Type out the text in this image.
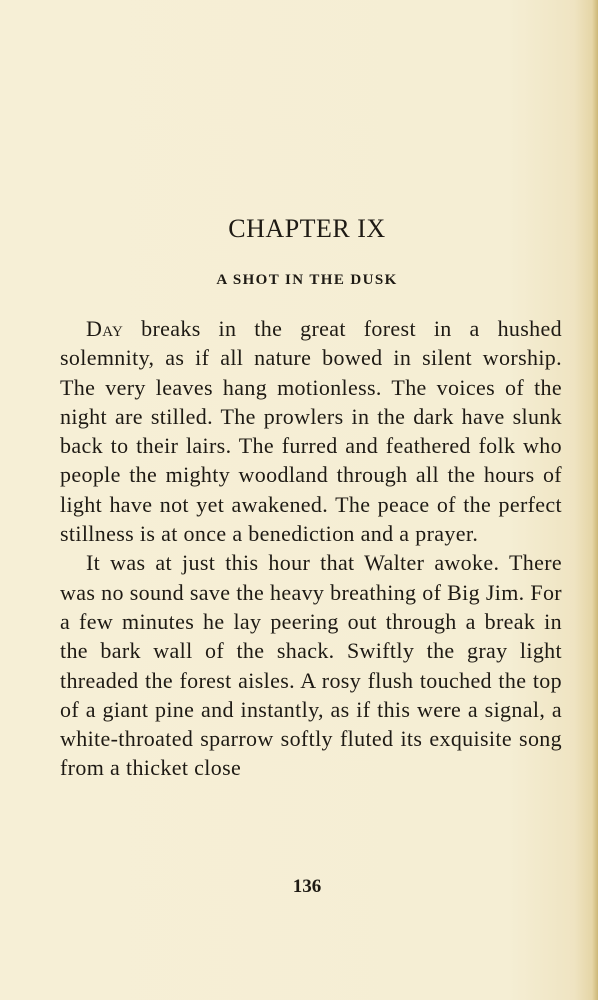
CHAPTER IX
A SHOT IN THE DUSK

Day breaks in the great forest in a hushed solemnity, as if all nature bowed in silent worship. The very leaves hang motionless. The voices of the night are stilled. The prowlers in the dark have slunk back to their lairs. The furred and feathered folk who people the mighty woodland through all the hours of light have not yet awakened. The peace of the perfect stillness is at once a benediction and a prayer.

It was at just this hour that Walter awoke. There was no sound save the heavy breathing of Big Jim. For a few minutes he lay peering out through a break in the bark wall of the shack. Swiftly the gray light threaded the forest aisles. A rosy flush touched the top of a giant pine and instantly, as if this were a signal, a white-throated sparrow softly fluted its exquisite song from a thicket close

136
